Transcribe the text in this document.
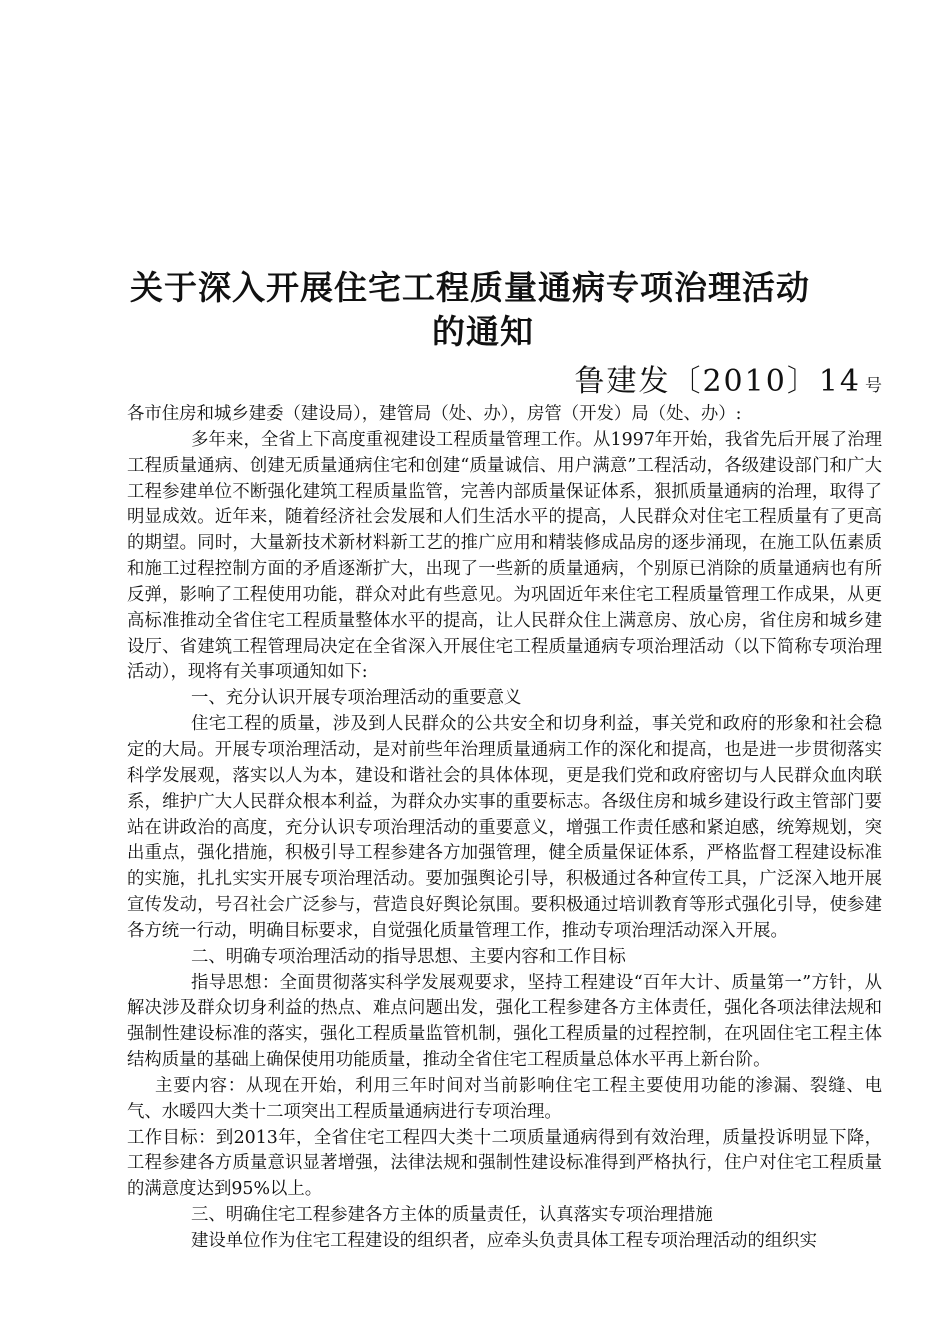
关于深入开展住宅工程质量通病专项治理活动
的通知
鲁建发〔2010〕14 号

各市住房和城乡建委（建设局），建管局（处、办），房管（开发）局（处、办）:

多年来，全省上下高度重视建设工程质量管理工作。从1997年开始，我省先后开展了治理工程质量通病、创建无质量通病住宅和创建“质量诚信、用户满意”工程活动，各级建设部门和广大工程参建单位不断强化建筑工程质量监管，完善内部质量保证体系，狠抓质量通病的治理，取得了明显成效。近年来，随着经济社会发展和人们生活水平的提高，人民群众对住宅工程质量有了更高的期望。同时，大量新技术新材料新工艺的推广应用和精装修成品房的逐步涌现，在施工队伍素质和施工过程控制方面的矛盾逐渐扩大，出现了一些新的质量通病，个别原已消除的质量通病也有所反弹，影响了工程使用功能，群众对此有些意见。为巩固近年来住宅工程质量管理工作成果，从更高标准推动全省住宅工程质量整体水平的提高，让人民群众住上满意房、放心房，省住房和城乡建设厅、省建筑工程管理局决定在全省深入开展住宅工程质量通病专项治理活动（以下简称专项治理活动），现将有关事项通知如下:

一、充分认识开展专项治理活动的重要意义

住宅工程的质量，涉及到人民群众的公共安全和切身利益，事关党和政府的形象和社会稳定的大局。开展专项治理活动，是对前些年治理质量通病工作的深化和提高，也是进一步贯彻落实科学发展观，落实以人为本，建设和谐社会的具体体现，更是我们党和政府密切与人民群众血肉联系，维护广大人民群众根本利益，为群众办实事的重要标志。各级住房和城乡建设行政主管部门要站在讲政治的高度，充分认识专项治理活动的重要意义，增强工作责任感和紧迫感，统筹规划，突出重点，强化措施，积极引导工程参建各方加强管理，健全质量保证体系，严格监督工程建设标准的实施，扎扎实实开展专项治理活动。要加强舆论引导，积极通过各种宣传工具，广泛深入地开展宣传发动，号召社会广泛参与，营造良好舆论氛围。要积极通过培训教育等形式强化引导，使参建各方统一行动，明确目标要求，自觉强化质量管理工作，推动专项治理活动深入开展。

二、明确专项治理活动的指导思想、主要内容和工作目标

指导思想：全面贯彻落实科学发展观要求，坚持工程建设“百年大计、质量第一”方针，从解决涉及群众切身利益的热点、难点问题出发，强化工程参建各方主体责任，强化各项法律法规和强制性建设标准的落实，强化工程质量监管机制，强化工程质量的过程控制，在巩固住宅工程主体结构质量的基础上确保使用功能质量，推动全省住宅工程质量总体水平再上新台阶。

主要内容：从现在开始，利用三年时间对当前影响住宅工程主要使用功能的渗漏、裂缝、电气、水暖四大类十二项突出工程质量通病进行专项治理。

工作目标：到2013年，全省住宅工程四大类十二项质量通病得到有效治理，质量投诉明显下降，工程参建各方质量意识显著增强，法律法规和强制性建设标准得到严格执行，住户对住宅工程质量的满意度达到95%以上。

三、明确住宅工程参建各方主体的质量责任，认真落实专项治理措施

建设单位作为住宅工程建设的组织者，应牵头负责具体工程专项治理活动的组织实
